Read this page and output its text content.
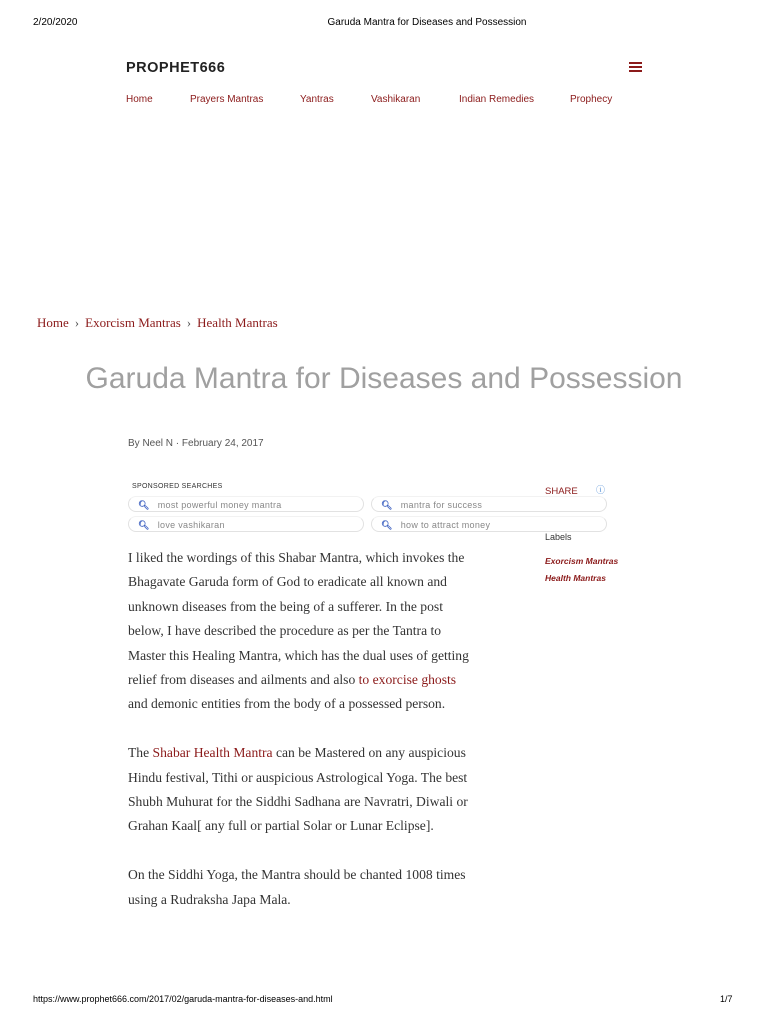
2/20/2020	Garuda Mantra for Diseases and Possession
PROPHET666
Home	Prayers Mantras	Yantras	Vashikaran	Indian Remedies	Prophecy
Home › Exorcism Mantras › Health Mantras
Garuda Mantra for Diseases and Possession
By Neel N · February 24, 2017
SPONSORED SEARCHES
🔍︎ most powerful money mantra	🔍︎ mantra for success
🔍︎ love vashikaran	🔍︎ how to attract money
SHARE ⓘ
Labels
Exorcism Mantras
Health Mantras

I liked the wordings of this Shabar Mantra, which invokes the Bhagavate Garuda form of God to eradicate all known and unknown diseases from the being of a sufferer. In the post below, I have described the procedure as per the Tantra to Master this Healing Mantra, which has the dual uses of getting relief from diseases and ailments and also to exorcise ghosts and demonic entities from the body of a possessed person.

The Shabar Health Mantra can be Mastered on any auspicious Hindu festival, Tithi or auspicious Astrological Yoga. The best Shubh Muhurat for the Siddhi Sadhana are Navratri, Diwali or Grahan Kaal[ any full or partial Solar or Lunar Eclipse].

On the Siddhi Yoga, the Mantra should be chanted 1008 times using a Rudraksha Japa Mala.

https://www.prophet666.com/2017/02/garuda-mantra-for-diseases-and.html	1/7
